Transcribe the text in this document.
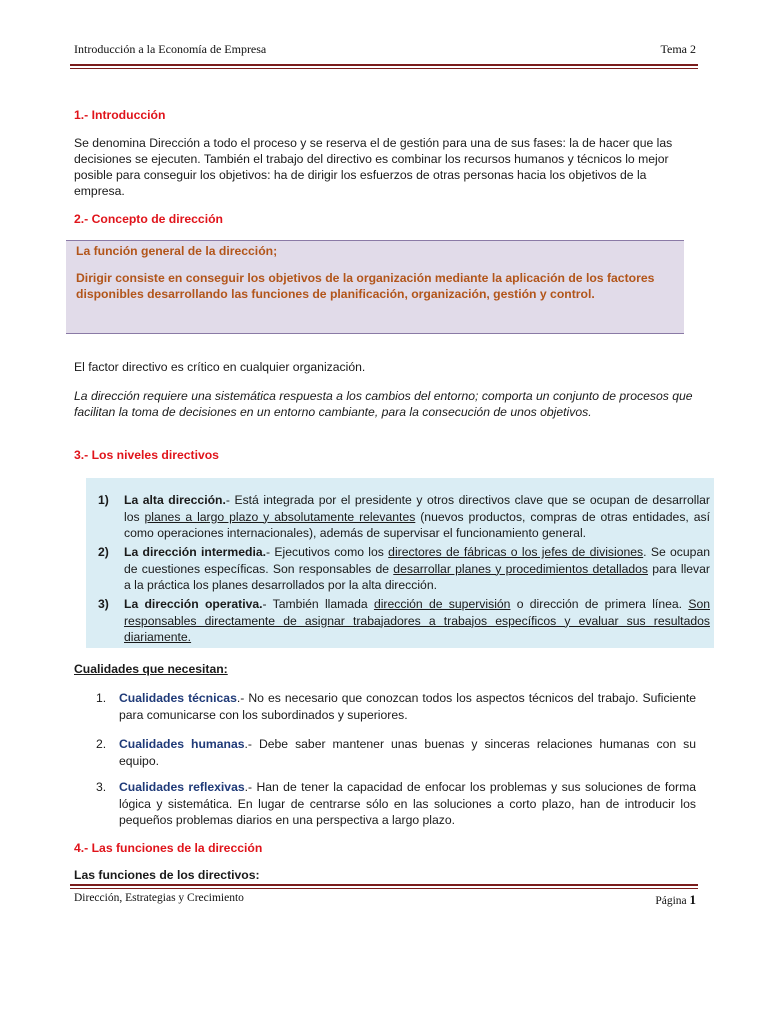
Introducción a la Economía de Empresa	Tema 2
1.- Introducción

Se denomina Dirección a todo el proceso y se reserva el de gestión para una de sus fases: la de hacer que las decisiones se ejecuten. También el trabajo del directivo es combinar los recursos humanos y técnicos lo mejor posible para conseguir los objetivos: ha de dirigir los esfuerzos de otras personas hacia los objetivos de la empresa.

2.- Concepto de dirección
La función general de la dirección;
Dirigir consiste en conseguir los objetivos de la organización mediante la aplicación de los factores disponibles desarrollando las funciones de planificación, organización, gestión y control.

El factor directivo es crítico en cualquier organización.

La dirección requiere una sistemática respuesta a los cambios del entorno; comporta un conjunto de procesos que facilitan la toma de decisiones en un entorno cambiante, para la consecución de unos objetivos.

3.- Los niveles directivos
1) La alta dirección.- Está integrada por el presidente y otros directivos clave que se ocupan de desarrollar los planes a largo plazo y absolutamente relevantes (nuevos productos, compras de otras entidades, así como operaciones internacionales), además de supervisar el funcionamiento general.
2) La dirección intermedia.- Ejecutivos como los directores de fábricas o los jefes de divisiones. Se ocupan de cuestiones específicas. Son responsables de desarrollar planes y procedimientos detallados para llevar a la práctica los planes desarrollados por la alta dirección.
3) La dirección operativa.- También llamada dirección de supervisión o dirección de primera línea. Son responsables directamente de asignar trabajadores a trabajos específicos y evaluar sus resultados diariamente.
Cualidades que necesitan:
1. Cualidades técnicas.- No es necesario que conozcan todos los aspectos técnicos del trabajo. Suficiente para comunicarse con los subordinados y superiores.
2. Cualidades humanas.- Debe saber mantener unas buenas y sinceras relaciones humanas con su equipo.
3. Cualidades reflexivas.- Han de tener la capacidad de enfocar los problemas y sus soluciones de forma lógica y sistemática. En lugar de centrarse sólo en las soluciones a corto plazo, han de introducir los pequeños problemas diarios en una perspectiva a largo plazo.
4.- Las funciones de la dirección
Las funciones de los directivos:
Dirección, Estrategias y Crecimiento	Página 1
